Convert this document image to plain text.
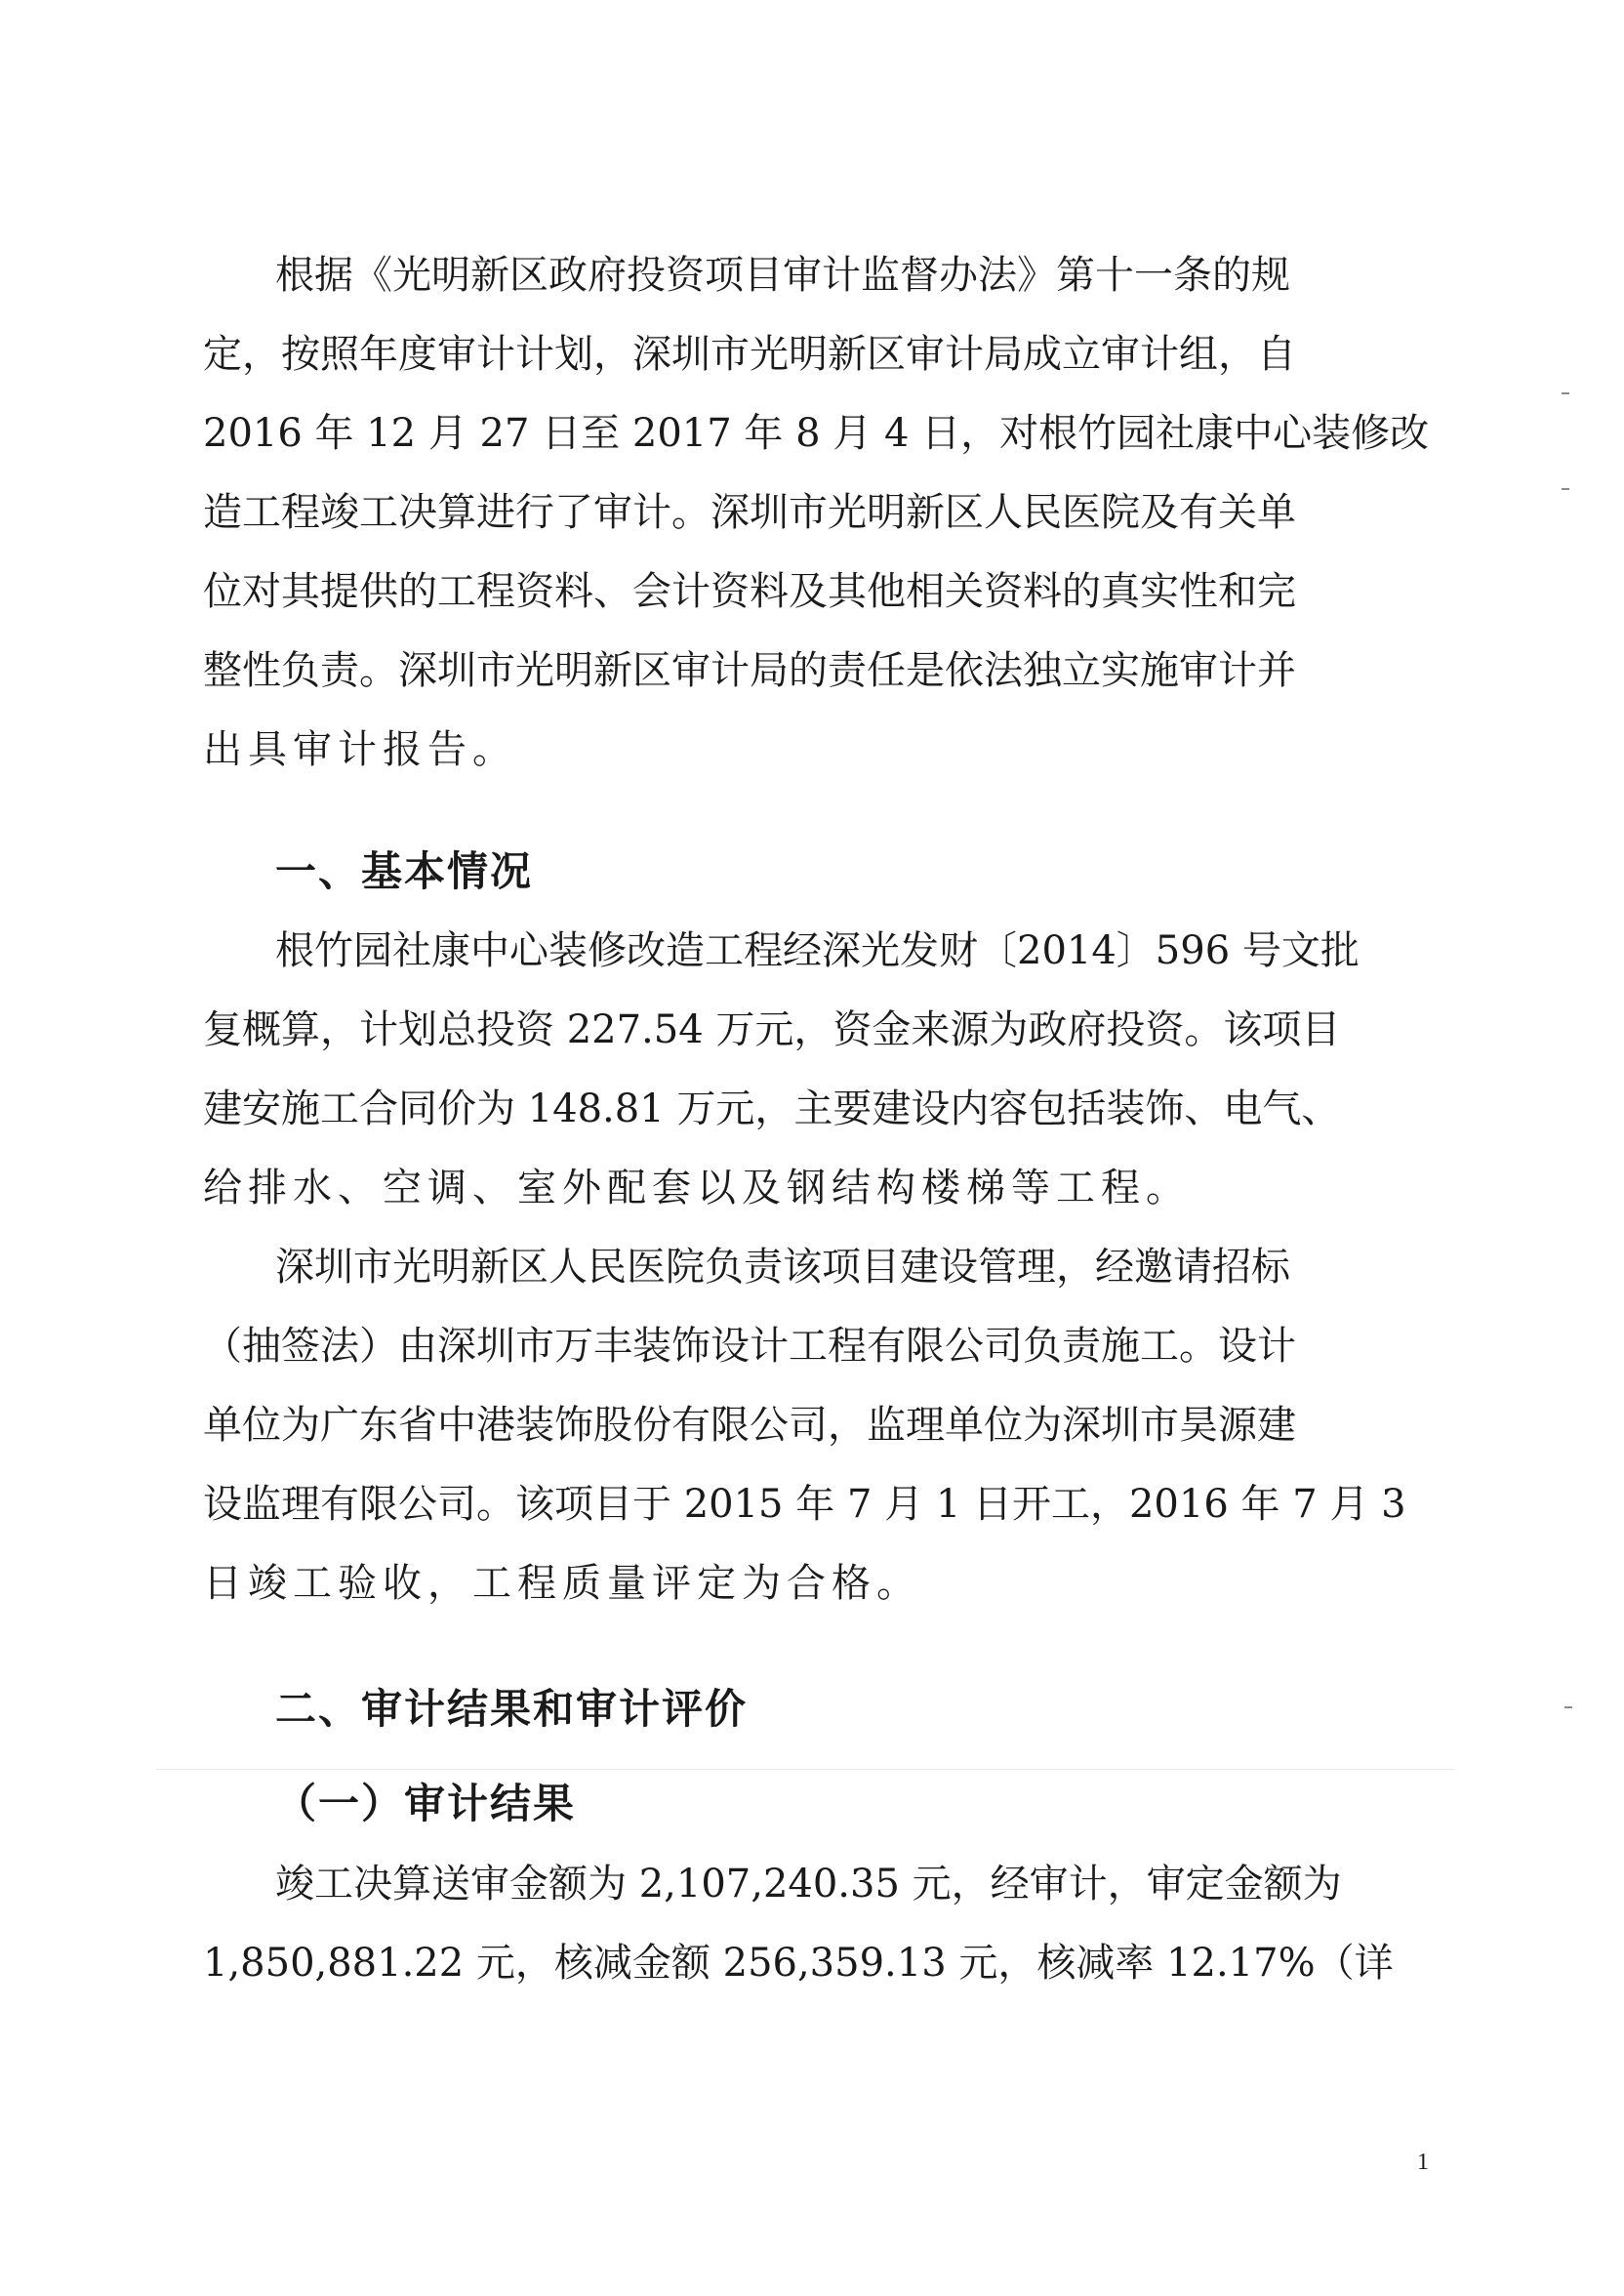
根据《光明新区政府投资项目审计监督办法》第十一条的规
定，按照年度审计计划，深圳市光明新区审计局成立审计组，自
2016 年 12 月 27 日至 2017 年 8 月 4 日，对根竹园社康中心装修改
造工程竣工决算进行了审计。深圳市光明新区人民医院及有关单
位对其提供的工程资料、会计资料及其他相关资料的真实性和完
整性负责。深圳市光明新区审计局的责任是依法独立实施审计并
出具审计报告。
一、基本情况
根竹园社康中心装修改造工程经深光发财〔2014〕596 号文批
复概算，计划总投资 227.54 万元，资金来源为政府投资。该项目
建安施工合同价为 148.81 万元，主要建设内容包括装饰、电气、
给排水、空调、室外配套以及钢结构楼梯等工程。
深圳市光明新区人民医院负责该项目建设管理，经邀请招标
（抽签法）由深圳市万丰装饰设计工程有限公司负责施工。设计
单位为广东省中港装饰股份有限公司，监理单位为深圳市昊源建
设监理有限公司。该项目于 2015 年 7 月 1 日开工，2016 年 7 月 3
日竣工验收，工程质量评定为合格。
二、审计结果和审计评价
（一）审计结果
竣工决算送审金额为 2,107,240.35 元，经审计，审定金额为
1,850,881.22 元，核减金额 256,359.13 元，核减率 12.17%（详
1
